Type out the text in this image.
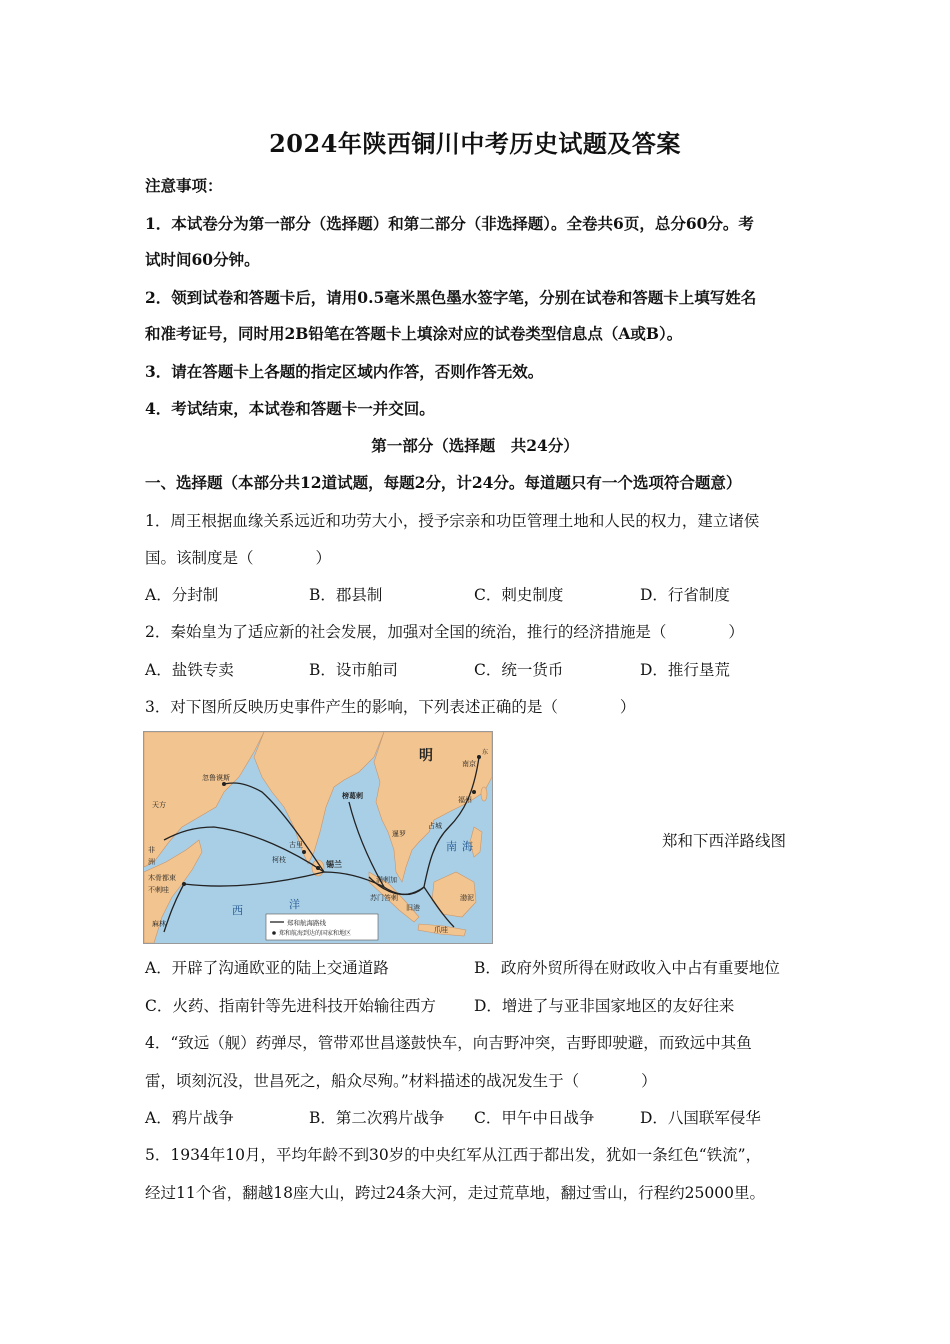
2024年陕西铜川中考历史试题及答案
注意事项：
1．本试卷分为第一部分（选择题）和第二部分（非选择题）。全卷共6页，总分60分。考
试时间60分钟。
2．领到试卷和答题卡后，请用0.5毫米黑色墨水签字笔，分别在试卷和答题卡上填写姓名
和准考证号，同时用2B铅笔在答题卡上填涂对应的试卷类型信息点（A或B）。
3．请在答题卡上各题的指定区域内作答，否则作答无效。
4．考试结束，本试卷和答题卡一并交回。
第一部分（选择题　共24分）
一、选择题（本部分共12道试题，每题2分，计24分。每道题只有一个选项符合题意）
1．周王根据血缘关系远近和功劳大小，授予宗亲和功臣管理土地和人民的权力，建立诸侯
国。该制度是（　　　　）
A．分封制	B．郡县制	C．刺史制度	D．行省制度
2．秦始皇为了适应新的社会发展，加强对全国的统治，推行的经济措施是（　　　　）
A．盐铁专卖	B．设市舶司	C．统一货币	D．推行垦荒
3．对下图所反映历史事件产生的影响，下列表述正确的是（　　　　）
明	南京
福州
东
南 海
西	洋
忽鲁谟斯
天方
古里
柯枝	锡兰
木骨都束
不剌哇
麻林
榜葛剌
暹罗
占城
满剌加
苏门答剌
旧港
爪哇
渤泥
非
洲
郑和航海路线
郑和航海到达的国家和地区
郑和下西洋路线图
A．开辟了沟通欧亚的陆上交通道路	B．政府外贸所得在财政收入中占有重要地位
C．火药、指南针等先进科技开始输往西方 D．增进了与亚非国家地区的友好往来
4．“致远（舰）药弹尽，管带邓世昌遂鼓快车，向吉野冲突，吉野即驶避，而致远中其鱼
雷，顷刻沉没，世昌死之，船众尽殉。”材料描述的战况发生于（　　　　）
A．鸦片战争	B．第二次鸦片战争 C．甲午中日战争	D．八国联军侵华
5．1934年10月，平均年龄不到30岁的中央红军从江西于都出发，犹如一条红色“铁流”，
经过11个省，翻越18座大山，跨过24条大河，走过荒草地，翻过雪山，行程约25000里。
